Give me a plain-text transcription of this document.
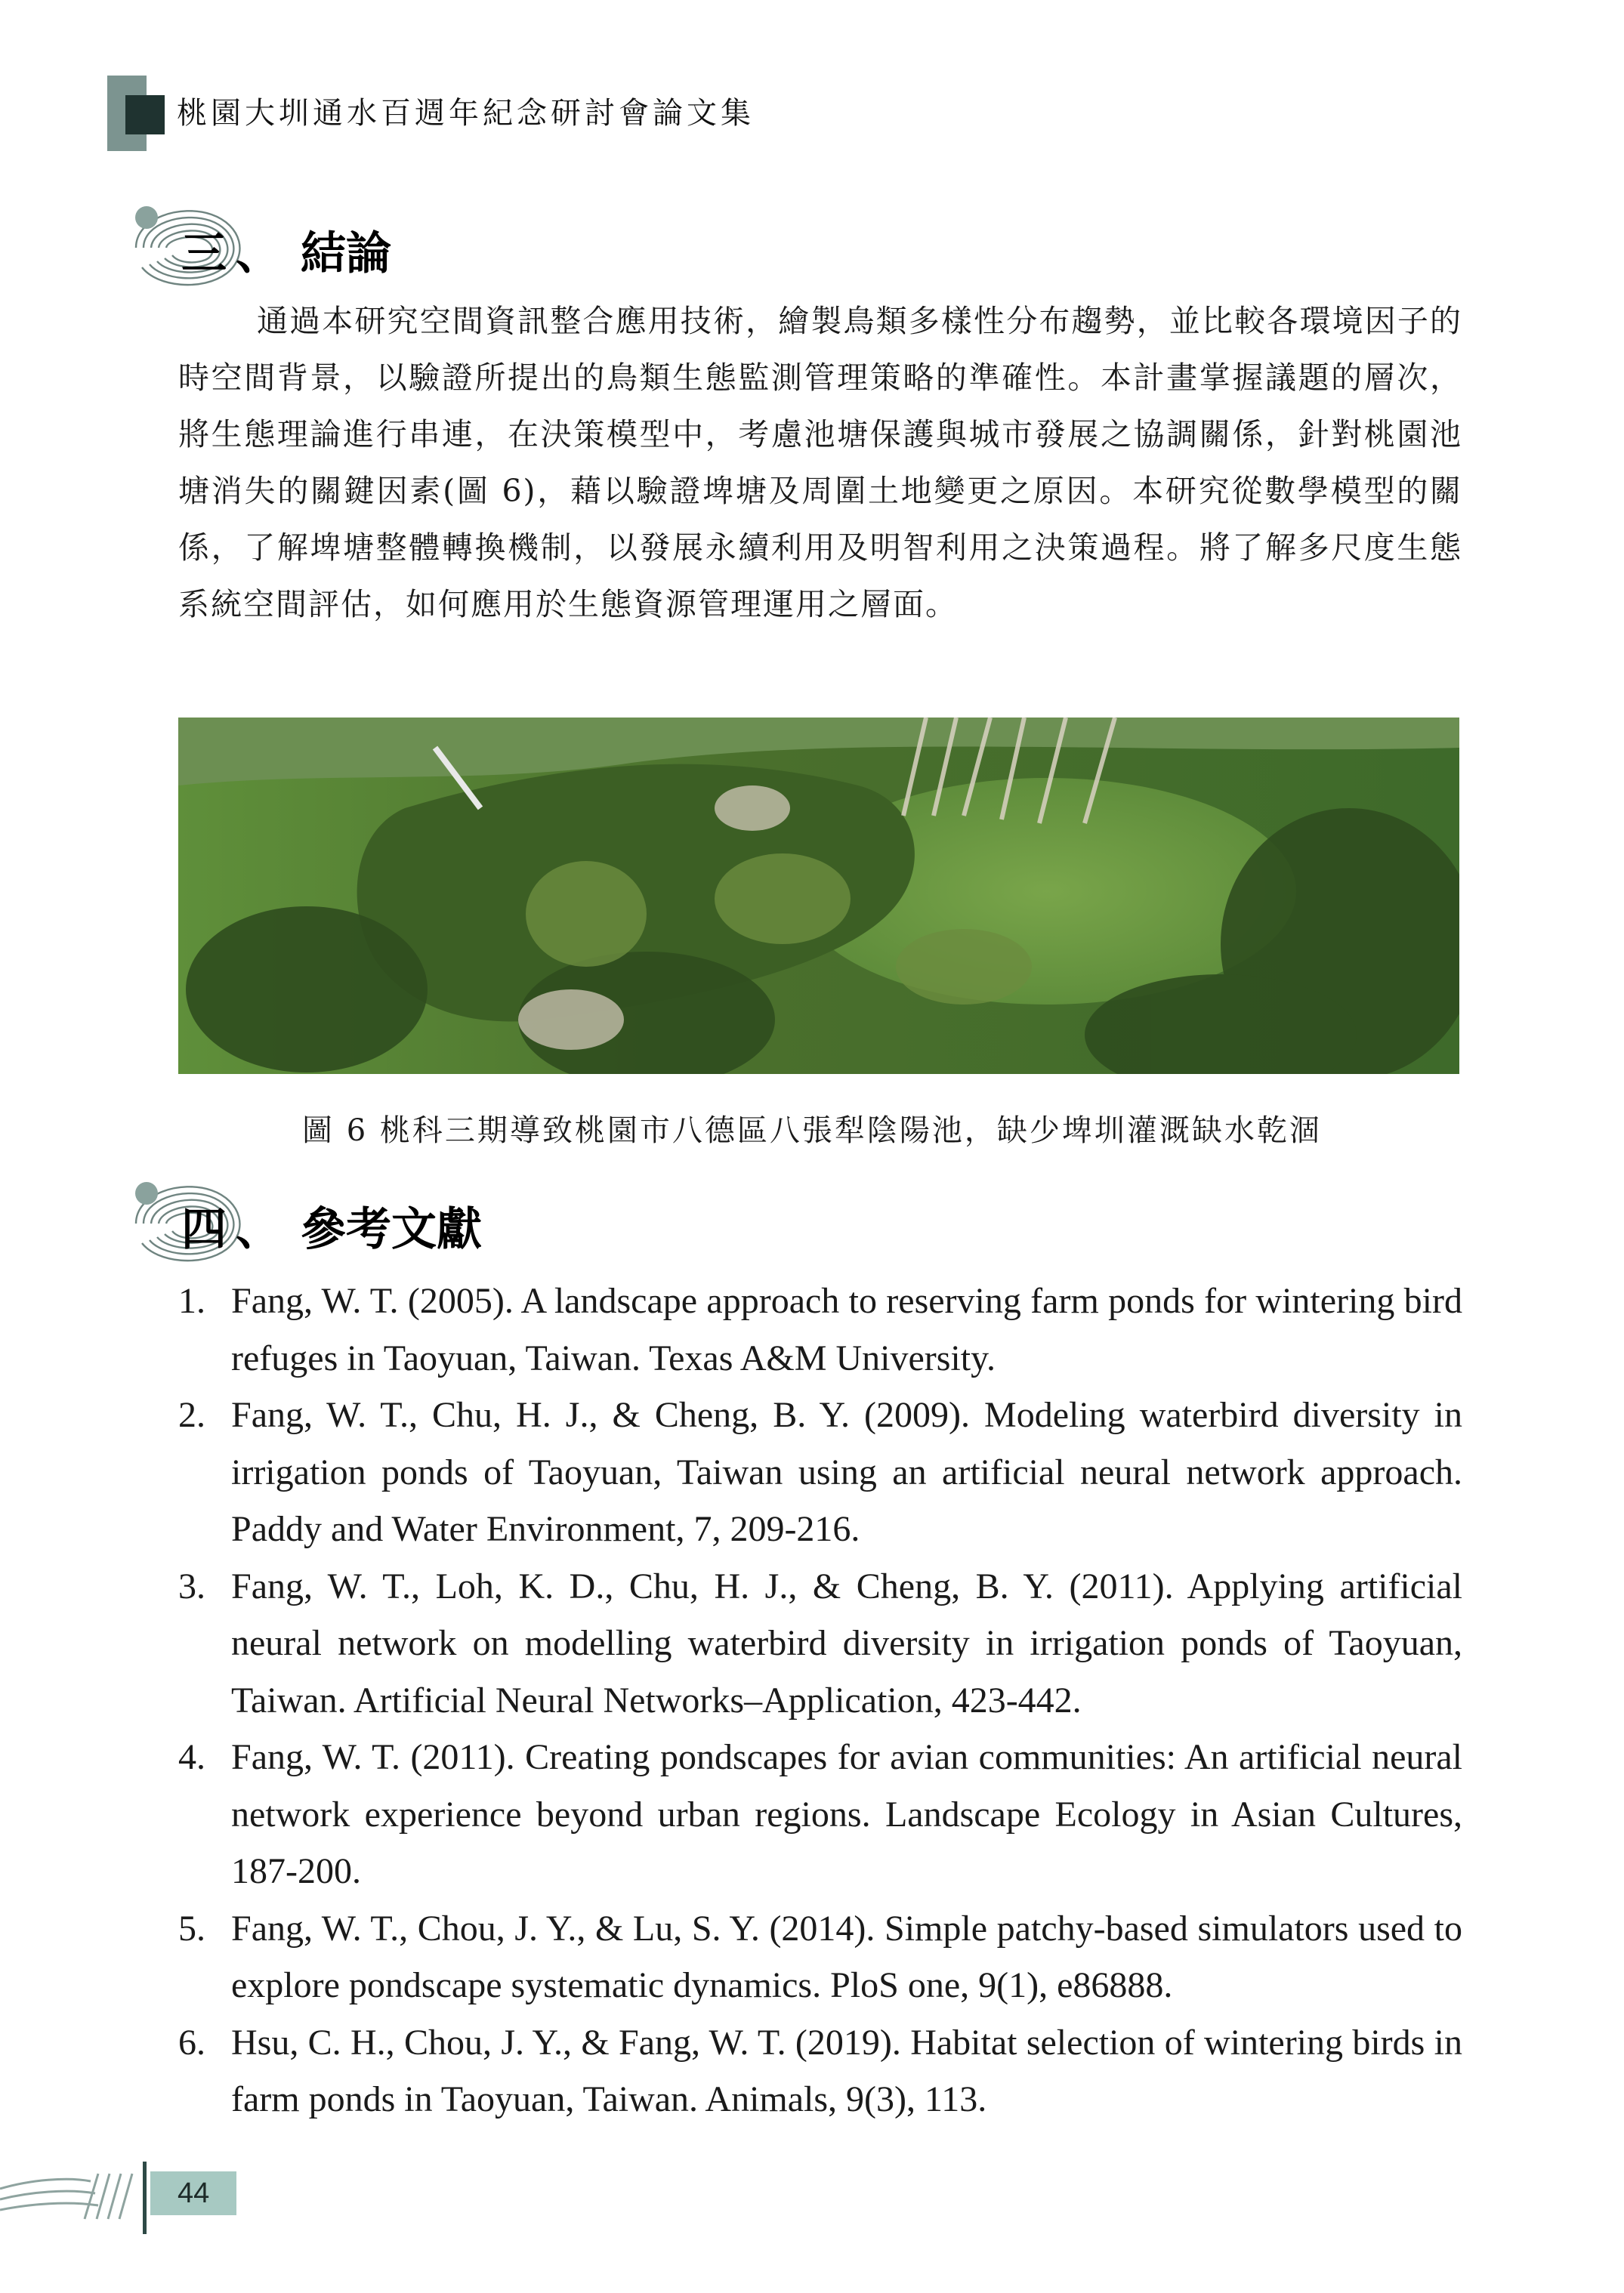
桃園大圳通水百週年紀念研討會論文集
三 、 結論

通過本研究空間資訊整合應用技術，繪製鳥類多樣性分布趨勢，並比較各環境因子的時空間背景，以驗證所提出的鳥類生態監測管理策略的準確性。本計畫掌握議題的層次，將生態理論進行串連，在決策模型中，考慮池塘保護與城市發展之協調關係，針對桃園池塘消失的關鍵因素(圖 6)，藉以驗證埤塘及周圍土地變更之原因。本研究從數學模型的關係，了解埤塘整體轉換機制，以發展永續利用及明智利用之決策過程。將了解多尺度生態系統空間評估，如何應用於生態資源管理運用之層面。

圖 6 桃科三期導致桃園市八德區八張犁陰陽池，缺少埤圳灌溉缺水乾涸
四 、 參考文獻
1. Fang, W. T. (2005). A landscape approach to reserving farm ponds for wintering bird refuges in Taoyuan, Taiwan. Texas A&M University.
2. Fang, W. T., Chu, H. J., & Cheng, B. Y. (2009). Modeling waterbird diversity in irrigation ponds of Taoyuan, Taiwan using an artificial neural network approach. Paddy and Water Environment, 7, 209-216.
3. Fang, W. T., Loh, K. D., Chu, H. J., & Cheng, B. Y. (2011). Applying artificial neural network on modelling waterbird diversity in irrigation ponds of Taoyuan, Taiwan. Artificial Neural Networks–Application, 423-442.
4. Fang, W. T. (2011). Creating pondscapes for avian communities: An artificial neural network experience beyond urban regions. Landscape Ecology in Asian Cultures, 187-200.
5. Fang, W. T., Chou, J. Y., & Lu, S. Y. (2014). Simple patchy-based simulators used to explore pondscape systematic dynamics. PloS one, 9(1), e86888.
6. Hsu, C. H., Chou, J. Y., & Fang, W. T. (2019). Habitat selection of wintering birds in farm ponds in Taoyuan, Taiwan. Animals, 9(3), 113.
44
